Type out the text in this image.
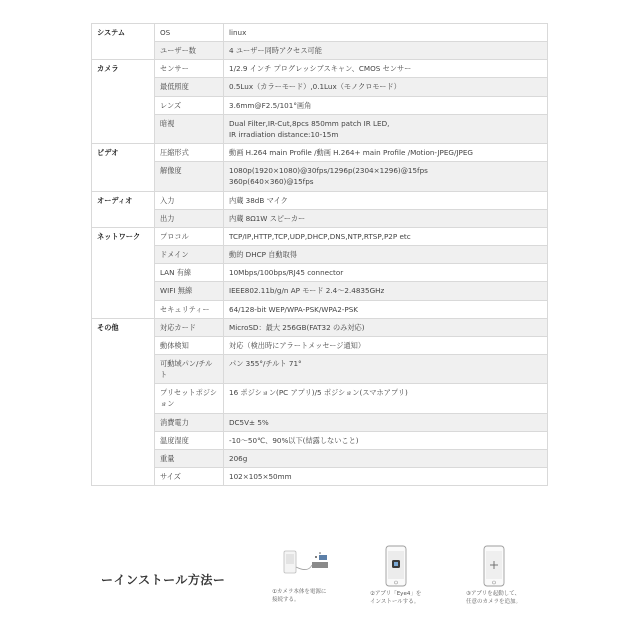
システム	OS	linux

	ユーザー数	4 ユーザー同時アクセス可能

カメラ	センサー	1/2.9 インチ プログレッシブスキャン、CMOS センサー

	最低照度	0.5Lux（カラーモード）,0.1Lux（モノクロモード）

	レンズ	3.6mm@F2.5/101°画角

	暗視	Dual Filter,IR-Cut,8pcs 850mm patch IR LED,
IR irradiation distance:10-15m

ビデオ	圧縮形式	動画 H.264 main Profile /動画 H.264+ main Profile /Motion-JPEG/JPEG

	解像度	1080p(1920×1080)@30fps/1296p(2304×1296)@15fps
360p(640×360)@15fps

オーディオ	入力	内蔵 38dB マイク

	出力	内蔵 8Ω1W スピーカー

ネットワーク	プロコル	TCP/IP,HTTP,TCP,UDP,DHCP,DNS,NTP,RTSP,P2P etc

	ドメイン	動的 DHCP 自動取得

	LAN 有線	10Mbps/100bps/RJ45 connector

	WIFI 無線	IEEE802.11b/g/n AP モード 2.4～2.4835GHz

	セキュリティー	64/128-bit WEP/WPA-PSK/WPA2-PSK

その他	対応カード	MicroSD：最大 256GB(FAT32 のみ対応)

	動体検知	対応（検出時にアラートメッセージ通知）

	可動域パン/チルト	パン 355°/チルト 71°

	プリセットポジション	16 ポジション(PC アプリ)/5 ポジション(スマホアプリ)

	消費電力	DC5V± 5%

	温度湿度	-10～50℃、90%以下(結露しないこと)

	重量	206g

	サイズ	102×105×50mm
ーインストール方法ー
①カメラ本体を電源に
接続する。
②アプリ「Eye4」を
インストールする。
③アプリを起動して、
任意のカメラを追加。
